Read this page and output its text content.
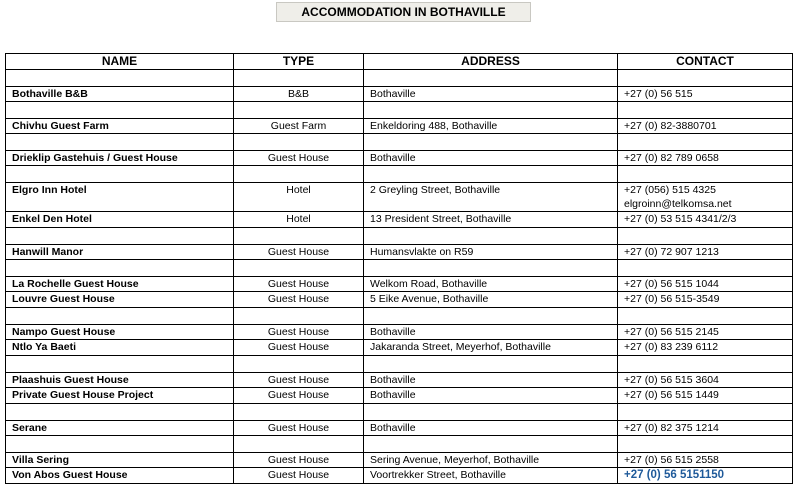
ACCOMMODATION IN BOTHAVILLE
NAME	TYPE	ADDRESS	CONTACT

Bothaville B&B	B&B	Bothaville	+27 (0) 56 515

Chivhu Guest Farm	Guest Farm	Enkeldoring 488, Bothaville	+27 (0) 82-3880701

Drieklip Gastehuis / Guest House	Guest House	Bothaville	+27 (0) 82 789 0658

Elgro Inn Hotel	Hotel	2 Greyling Street, Bothaville	+27 (056) 515 4325
elgroinn@telkomsa.net

Enkel Den Hotel	Hotel	13 President Street, Bothaville	+27 (0) 53 515 4341/2/3

Hanwill Manor	Guest House	Humansvlakte on R59	+27 (0) 72 907 1213

La Rochelle Guest House	Guest House	Welkom Road, Bothaville	+27 (0) 56 515 1044
Louvre Guest House	Guest House	5 Eike Avenue, Bothaville	+27 (0) 56 515-3549

Nampo Guest House	Guest House	Bothaville	+27 (0) 56 515 2145
Ntlo Ya Baeti	Guest House	Jakaranda Street, Meyerhof, Bothaville	+27 (0) 83 239 6112

Plaashuis Guest House	Guest House	Bothaville	+27 (0) 56 515 3604
Private Guest House Project	Guest House	Bothaville	+27 (0) 56 515 1449

Serane	Guest House	Bothaville	+27 (0) 82 375 1214

Villa Sering	Guest House	Sering Avenue, Meyerhof, Bothaville	+27 (0) 56 515 2558
Von Abos Guest House	Guest House	Voortrekker Street, Bothaville	+27 (0) 56 5151150
